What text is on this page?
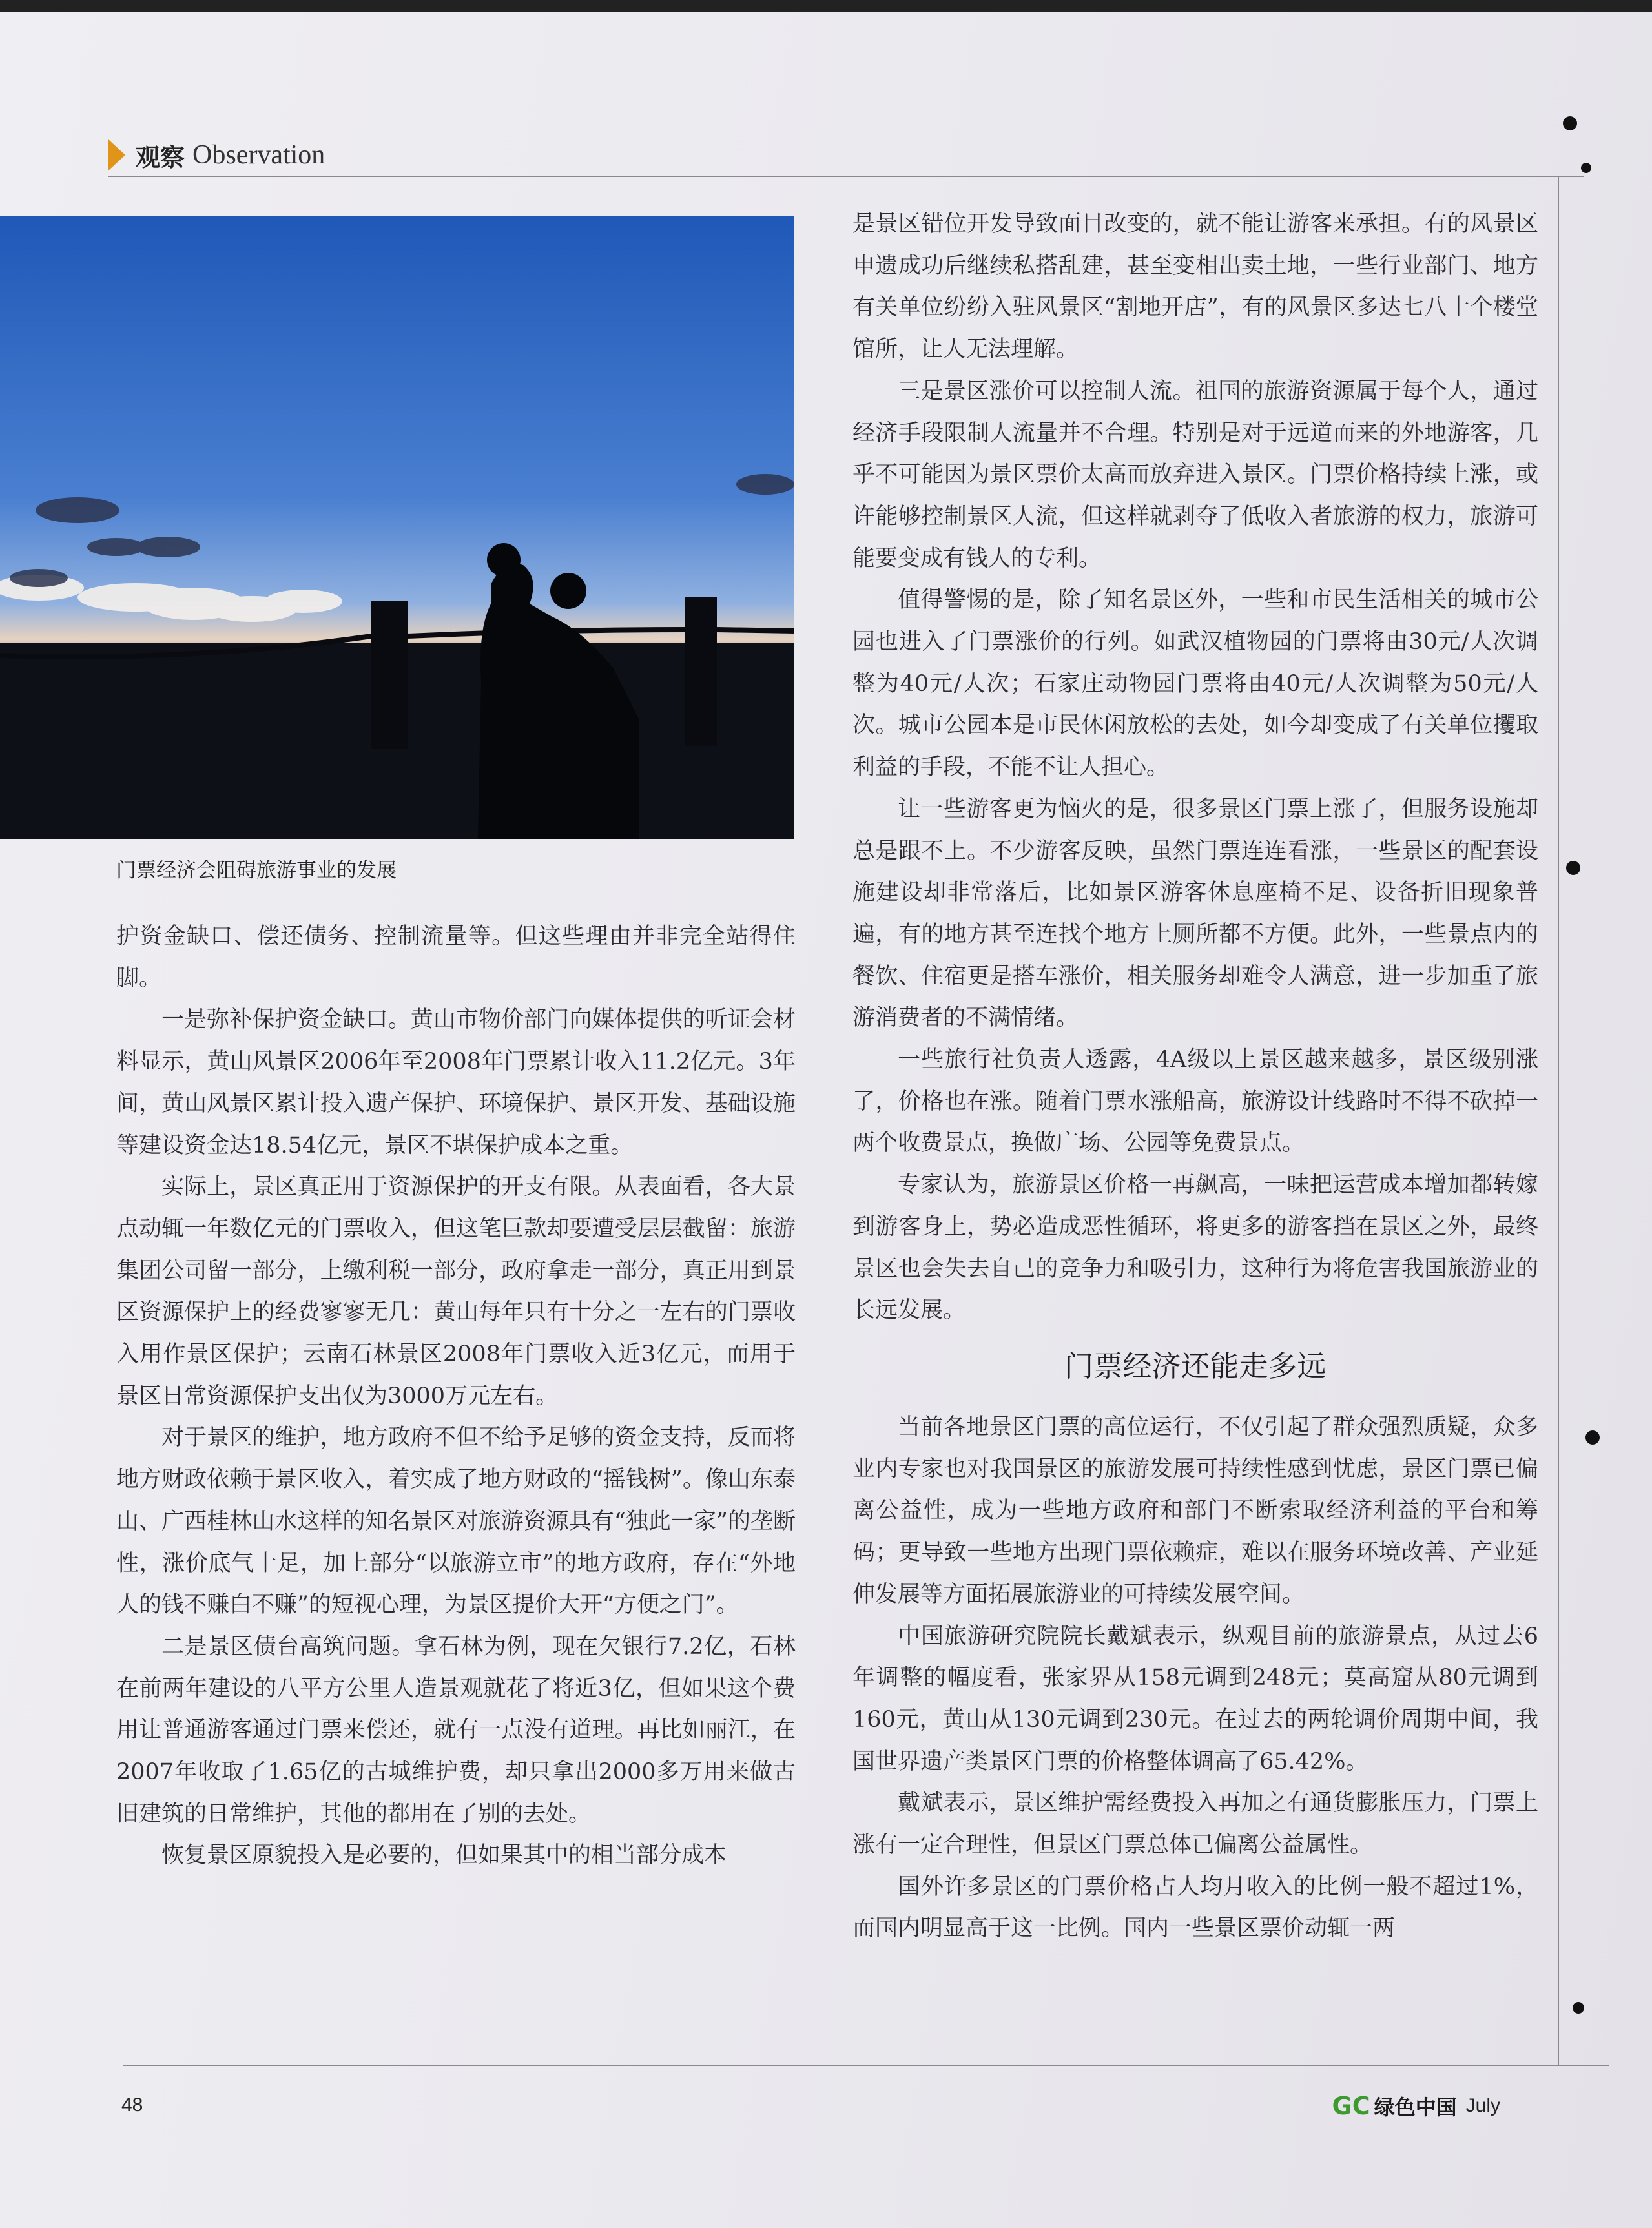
观察 Observation
门票经济会阻碍旅游事业的发展

护资金缺口、偿还债务、控制流量等。但这些理由并非完全站得住脚。

一是弥补保护资金缺口。黄山市物价部门向媒体提供的听证会材料显示，黄山风景区2006年至2008年门票累计收入11.2亿元。3年间，黄山风景区累计投入遗产保护、环境保护、景区开发、基础设施等建设资金达18.54亿元，景区不堪保护成本之重。

实际上，景区真正用于资源保护的开支有限。从表面看，各大景点动辄一年数亿元的门票收入，但这笔巨款却要遭受层层截留：旅游集团公司留一部分，上缴利税一部分，政府拿走一部分，真正用到景区资源保护上的经费寥寥无几：黄山每年只有十分之一左右的门票收入用作景区保护；云南石林景区2008年门票收入近3亿元，而用于景区日常资源保护支出仅为3000万元左右。

对于景区的维护，地方政府不但不给予足够的资金支持，反而将地方财政依赖于景区收入，着实成了地方财政的“摇钱树”。像山东泰山、广西桂林山水这样的知名景区对旅游资源具有“独此一家”的垄断性，涨价底气十足，加上部分“以旅游立市”的地方政府，存在“外地人的钱不赚白不赚”的短视心理，为景区提价大开“方便之门”。

二是景区债台高筑问题。拿石林为例，现在欠银行7.2亿，石林在前两年建设的八平方公里人造景观就花了将近3亿，但如果这个费用让普通游客通过门票来偿还，就有一点没有道理。再比如丽江，在2007年收取了1.65亿的古城维护费，却只拿出2000多万用来做古旧建筑的日常维护，其他的都用在了别的去处。

恢复景区原貌投入是必要的，但如果其中的相当部分成本

是景区错位开发导致面目改变的，就不能让游客来承担。有的风景区申遗成功后继续私搭乱建，甚至变相出卖土地，一些行业部门、地方有关单位纷纷入驻风景区“割地开店”，有的风景区多达七八十个楼堂馆所，让人无法理解。

三是景区涨价可以控制人流。祖国的旅游资源属于每个人，通过经济手段限制人流量并不合理。特别是对于远道而来的外地游客，几乎不可能因为景区票价太高而放弃进入景区。门票价格持续上涨，或许能够控制景区人流，但这样就剥夺了低收入者旅游的权力，旅游可能要变成有钱人的专利。

值得警惕的是，除了知名景区外，一些和市民生活相关的城市公园也进入了门票涨价的行列。如武汉植物园的门票将由30元/人次调整为40元/人次；石家庄动物园门票将由40元/人次调整为50元/人次。城市公园本是市民休闲放松的去处，如今却变成了有关单位攫取利益的手段，不能不让人担心。

让一些游客更为恼火的是，很多景区门票上涨了，但服务设施却总是跟不上。不少游客反映，虽然门票连连看涨，一些景区的配套设施建设却非常落后，比如景区游客休息座椅不足、设备折旧现象普遍，有的地方甚至连找个地方上厕所都不方便。此外，一些景点内的餐饮、住宿更是搭车涨价，相关服务却难令人满意，进一步加重了旅游消费者的不满情绪。

一些旅行社负责人透露，4A级以上景区越来越多，景区级别涨了，价格也在涨。随着门票水涨船高，旅游设计线路时不得不砍掉一两个收费景点，换做广场、公园等免费景点。

专家认为，旅游景区价格一再飙高，一味把运营成本增加都转嫁到游客身上，势必造成恶性循环，将更多的游客挡在景区之外，最终景区也会失去自己的竞争力和吸引力，这种行为将危害我国旅游业的长远发展。

门票经济还能走多远

当前各地景区门票的高位运行，不仅引起了群众强烈质疑，众多业内专家也对我国景区的旅游发展可持续性感到忧虑，景区门票已偏离公益性，成为一些地方政府和部门不断索取经济利益的平台和筹码；更导致一些地方出现门票依赖症，难以在服务环境改善、产业延伸发展等方面拓展旅游业的可持续发展空间。

中国旅游研究院院长戴斌表示，纵观目前的旅游景点，从过去6年调整的幅度看，张家界从158元调到248元；莫高窟从80元调到160元，黄山从130元调到230元。在过去的两轮调价周期中间，我国世界遗产类景区门票的价格整体调高了65.42%。

戴斌表示，景区维护需经费投入再加之有通货膨胀压力，门票上涨有一定合理性，但景区门票总体已偏离公益属性。

国外许多景区的门票价格占人均月收入的比例一般不超过1%，而国内明显高于这一比例。国内一些景区票价动辄一两

48	GC 绿色中国 July
